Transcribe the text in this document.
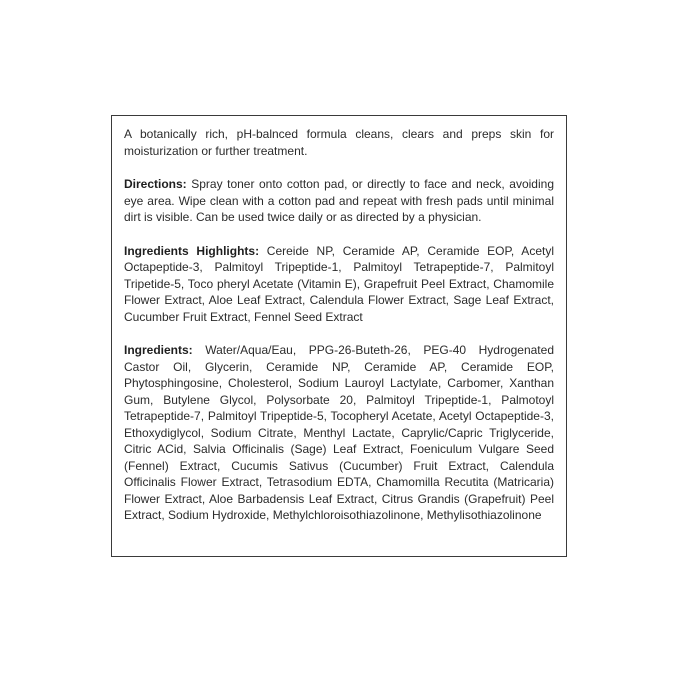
A botanically rich, pH-balnced formula cleans, clears and preps skin for moisturization or further treatment.

Directions: Spray toner onto cotton pad, or directly to face and neck, avoiding eye area. Wipe clean with a cotton pad and repeat with fresh pads until minimal dirt is visible. Can be used twice daily or as directed by a physician.

Ingredients Highlights: Cereide NP, Ceramide AP, Ceramide EOP, Acetyl Octapeptide-3, Palmitoyl Tripeptide-1, Palmitoyl Tetrapeptide-7, Palmitoyl Tripetide-5, Toco pheryl Acetate (Vitamin E), Grapefruit Peel Extract, Chamomile Flower Extract, Aloe Leaf Extract, Calendula Flower Extract, Sage Leaf Extract, Cucumber Fruit Extract, Fennel Seed Extract

Ingredients: Water/Aqua/Eau, PPG-26-Buteth-26, PEG-40 Hydrogenated Castor Oil, Glycerin, Ceramide NP, Ceramide AP, Ceramide EOP, Phytosphingosine, Cholesterol, Sodium Lauroyl Lactylate, Carbomer, Xanthan Gum, Butylene Glycol, Polysorbate 20, Palmitoyl Tripeptide-1, Palmotoyl Tetrapeptide-7, Palmitoyl Tripeptide-5, Tocopheryl Acetate, Acetyl Octapeptide-3, Ethoxydiglycol, Sodium Citrate, Menthyl Lactate, Caprylic/Capric Triglyceride, Citric ACid, Salvia Officinalis (Sage) Leaf Extract, Foeniculum Vulgare Seed (Fennel) Extract, Cucumis Sativus (Cucumber) Fruit Extract, Calendula Officinalis Flower Extract, Tetrasodium EDTA, Chamomilla Recutita (Matricaria) Flower Extract, Aloe Barbadensis Leaf Extract, Citrus Grandis (Grapefruit) Peel Extract, Sodium Hydroxide, Methylchloroisothiazolinone, Methylisothiazolinone
